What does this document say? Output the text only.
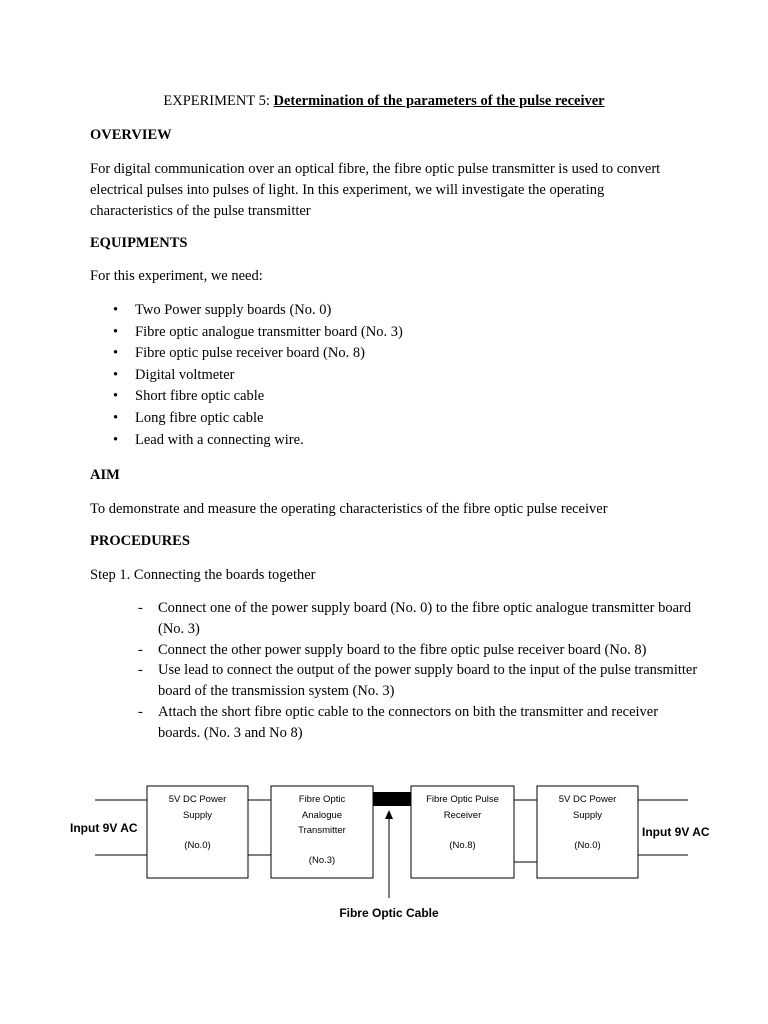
EXPERIMENT 5: Determination of the parameters of the pulse receiver
OVERVIEW
For digital communication over an optical fibre, the fibre optic pulse transmitter is used to convert electrical pulses into pulses of light. In this experiment, we will investigate the operating characteristics of the pulse transmitter
EQUIPMENTS
For this experiment, we need:
• Two Power supply boards (No. 0)
• Fibre optic analogue transmitter board (No. 3)
• Fibre optic pulse receiver board (No. 8)
• Digital voltmeter
• Short fibre optic cable
• Long fibre optic cable
• Lead with a connecting wire.
AIM
To demonstrate and measure the operating characteristics of the fibre optic pulse receiver
PROCEDURES
Step 1. Connecting the boards together
- Connect one of the power supply board (No. 0) to the fibre optic analogue transmitter board (No. 3)
- Connect the other power supply board to the fibre optic pulse receiver board (No. 8)
- Use lead to connect the output of the power supply board to the input of the pulse transmitter board of the transmission system (No. 3)
- Attach the short fibre optic cable to the connectors on bith the transmitter and receiver boards. (No. 3 and No 8)
Input 9V AC
5V DC Power
Supply
(No.0)
Fibre Optic
Analogue
Transmitter
(No.3)
Fibre Optic Pulse
Receiver
(No.8)
5V DC Power
Supply
(No.0)
Input 9V AC
Fibre Optic Cable
